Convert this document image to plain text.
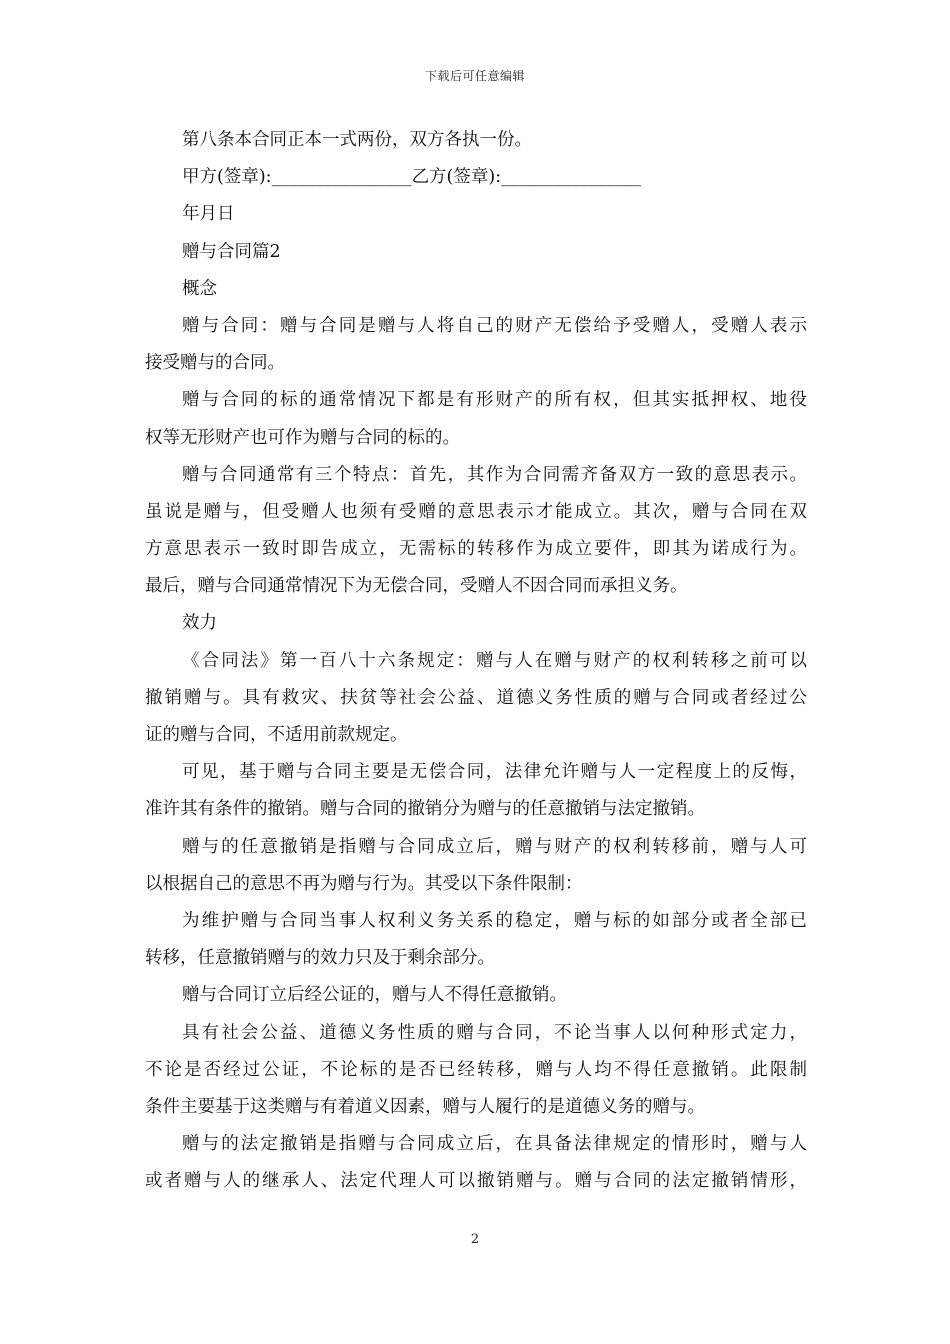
下载后可任意编辑
第八条本合同正本一式两份，双方各执一份。
甲方(签章):________________乙方(签章):________________
年月日
赠与合同篇2
概念
赠与合同：赠与合同是赠与人将自己的财产无偿给予受赠人，受赠人表示
接受赠与的合同。
赠与合同的标的通常情况下都是有形财产的所有权，但其实抵押权、地役
权等无形财产也可作为赠与合同的标的。
赠与合同通常有三个特点：首先，其作为合同需齐备双方一致的意思表示。
虽说是赠与，但受赠人也须有受赠的意思表示才能成立。其次，赠与合同在双
方意思表示一致时即告成立，无需标的转移作为成立要件，即其为诺成行为。
最后，赠与合同通常情况下为无偿合同，受赠人不因合同而承担义务。
效力
《合同法》第一百八十六条规定：赠与人在赠与财产的权利转移之前可以
撤销赠与。具有救灾、扶贫等社会公益、道德义务性质的赠与合同或者经过公
证的赠与合同，不适用前款规定。
可见，基于赠与合同主要是无偿合同，法律允许赠与人一定程度上的反悔，
准许其有条件的撤销。赠与合同的撤销分为赠与的任意撤销与法定撤销。
赠与的任意撤销是指赠与合同成立后，赠与财产的权利转移前，赠与人可
以根据自己的意思不再为赠与行为。其受以下条件限制：
为维护赠与合同当事人权利义务关系的稳定，赠与标的如部分或者全部已
转移，任意撤销赠与的效力只及于剩余部分。
赠与合同订立后经公证的，赠与人不得任意撤销。
具有社会公益、道德义务性质的赠与合同，不论当事人以何种形式定力，
不论是否经过公证，不论标的是否已经转移，赠与人均不得任意撤销。此限制
条件主要基于这类赠与有着道义因素，赠与人履行的是道德义务的赠与。
赠与的法定撤销是指赠与合同成立后，在具备法律规定的情形时，赠与人
或者赠与人的继承人、法定代理人可以撤销赠与。赠与合同的法定撤销情形，
2
